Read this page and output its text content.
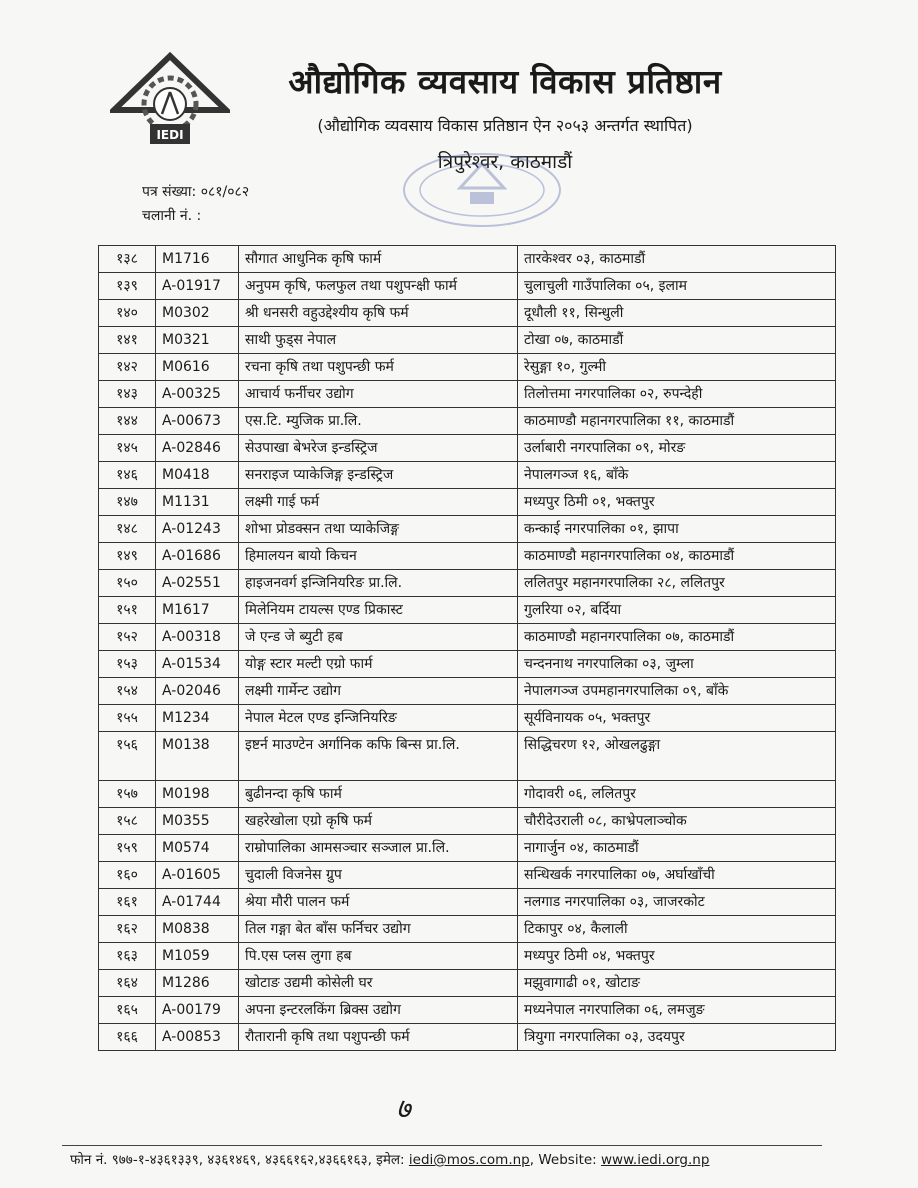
IEDI
औद्योगिक व्यवसाय विकास प्रतिष्ठान
(औद्योगिक व्यवसाय विकास प्रतिष्ठान ऐन २०५३ अन्तर्गत स्थापित)
त्रिपुरेश्वर, काठमाडौं
पत्र संख्या: ०८१/०८२
चलानी नं. :
१३८	M1716	सौगात आधुनिक कृषि फार्म	तारकेश्वर ०३, काठमाडौं
१३९	A-01917	अनुपम कृषि, फलफुल तथा पशुपन्क्षी फार्म	चुलाचुली गाउँपालिका ०५, इलाम
१४०	M0302	श्री धनसरी वहुउद्देश्यीय कृषि फर्म	दूधौली ११, सिन्धुली
१४१	M0321	साथी फुड्स नेपाल	टोखा ०७, काठमाडौं
१४२	M0616	रचना कृषि तथा पशुपन्छी फर्म	रेसुङ्गा १०, गुल्मी
१४३	A-00325	आचार्य फर्नीचर उद्योग	तिलोत्तमा नगरपालिका ०२, रुपन्देही
१४४	A-00673	एस.टि. म्युजिक प्रा.लि.	काठमाण्डौ महानगरपालिका ११, काठमाडौं
१४५	A-02846	सेउपाखा बेभरेज इन्डस्ट्रिज	उर्लाबारी नगरपालिका ०९, मोरङ
१४६	M0418	सनराइज प्याकेजिङ्ग इन्डस्ट्रिज	नेपालगञ्ज १६, बाँके
१४७	M1131	लक्ष्मी गाई फर्म	मध्यपुर ठिमी ०१, भक्तपुर
१४८	A-01243	शोभा प्रोडक्सन तथा प्याकेजिङ्ग	कन्काई नगरपालिका ०१, झापा
१४९	A-01686	हिमालयन बायो किचन	काठमाण्डौ महानगरपालिका ०४, काठमाडौं
१५०	A-02551	हाइजनवर्ग इन्जिनियरिङ प्रा.लि.	ललितपुर महानगरपालिका २८, ललितपुर
१५१	M1617	मिलेनियम टायल्स एण्ड प्रिकास्ट	गुलरिया ०२, बर्दिया
१५२	A-00318	जे एन्ड जे ब्युटी हब	काठमाण्डौ महानगरपालिका ०७, काठमाडौं
१५३	A-01534	योङ्ग स्टार मल्टी एग्रो फार्म	चन्दननाथ नगरपालिका ०३, जुम्ला
१५४	A-02046	लक्ष्मी गार्मेन्ट उद्योग	नेपालगञ्ज उपमहानगरपालिका ०९, बाँके
१५५	M1234	नेपाल मेटल एण्ड इन्जिनियरिङ	सूर्यविनायक ०५, भक्तपुर
१५६	M0138	इष्टर्न माउण्टेन अर्गानिक कफि बिन्स प्रा.लि.	सिद्धिचरण १२, ओखलढुङ्गा
१५७	M0198	बुढीनन्दा कृषि फार्म	गोदावरी ०६, ललितपुर
१५८	M0355	खहरेखोला एग्रो कृषि फर्म	चौरीदेउराली ०८, काभ्रेपलाञ्चोक
१५९	M0574	राम्रोपालिका आमसञ्चार सञ्जाल प्रा.लि.	नागार्जुन ०४, काठमाडौं
१६०	A-01605	चुदाली विजनेस ग्रुप	सन्धिखर्क नगरपालिका ०७, अर्घाखाँची
१६१	A-01744	श्रेया मौरी पालन फर्म	नलगाड नगरपालिका ०३, जाजरकोट
१६२	M0838	तिल गङ्गा बेत बाँस फर्निचर उद्योग	टिकापुर ०४, कैलाली
१६३	M1059	पि.एस प्लस लुगा हब	मध्यपुर ठिमी ०४, भक्तपुर
१६४	M1286	खोटाङ उद्यमी कोसेली घर	मझुवागाढी ०१, खोटाङ
१६५	A-00179	अपना इन्टरलकिंग ब्रिक्स उद्योग	मध्यनेपाल नगरपालिका ०६, लमजुङ
१६६	A-00853	रौतारानी कृषि तथा पशुपन्छी फर्म	त्रियुगा नगरपालिका ०३, उदयपुर
७
फोन नं. ९७७-१-४३६१३३९, ४३६१४६९, ४३६६१६२,४३६६१६३, इमेल: iedi@mos.com.np, Website: www.iedi.org.np
